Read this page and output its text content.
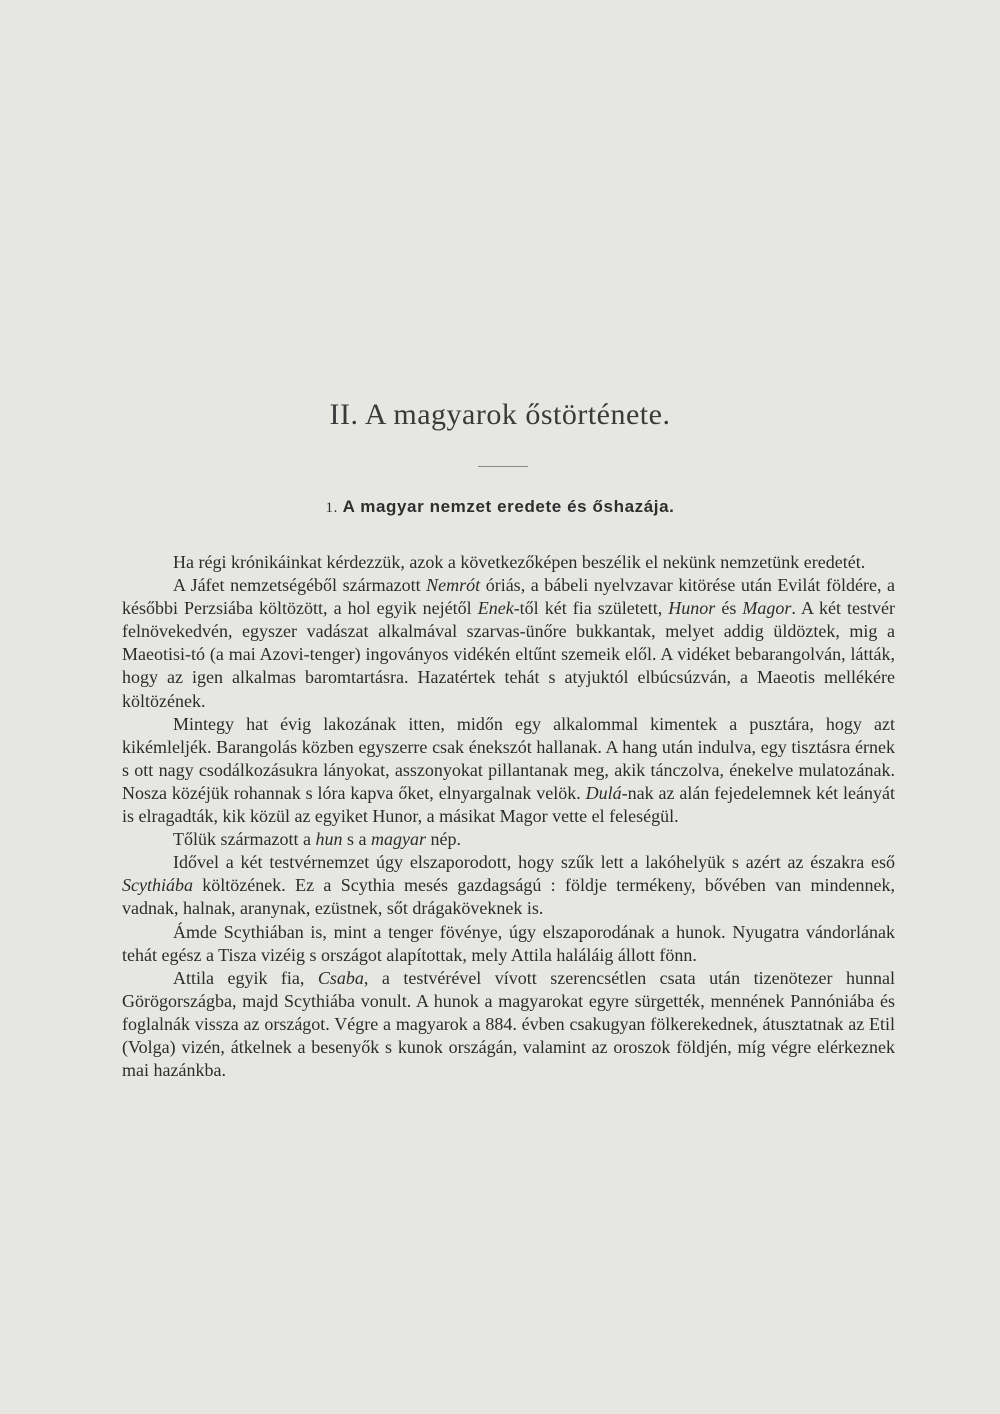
II. A magyarok őstörténete.
1. A magyar nemzet eredete és őshazája.

Ha régi krónikáinkat kérdezzük, azok a következőképen beszélik el nekünk nemzetünk eredetét.

A Jáfet nemzetségéből származott Nemrót óriás, a bábeli nyelvzavar kitörése után Evilát földére, a későbbi Perzsiába költözött, a hol egyik nejétől Enek-től két fia született, Hunor és Magor. A két testvér felnövekedvén, egyszer vadászat alkalmával szarvas-ünőre bukkantak, melyet addig üldöztek, mig a Maeotisi-tó (a mai Azovi-tenger) ingoványos vidékén eltűnt szemeik elől. A vidéket bebarangolván, látták, hogy az igen alkalmas baromtartásra. Hazatértek tehát s atyjuktól elbúcsúzván, a Maeotis mellékére költözének.

Mintegy hat évig lakozának itten, midőn egy alkalommal kimentek a pusztára, hogy azt kikémleljék. Barangolás közben egyszerre csak énekszót hallanak. A hang után indulva, egy tisztásra érnek s ott nagy csodálkozásukra lányokat, asszonyokat pillantanak meg, akik tánczolva, énekelve mulatozának. Nosza közéjük rohannak s lóra kapva őket, elnyargalnak velök. Dulá-nak az alán fejedelemnek két leányát is elragadták, kik közül az egyiket Hunor, a másikat Magor vette el feleségül.

Tőlük származott a hun s a magyar nép.

Idővel a két testvérnemzet úgy elszaporodott, hogy szűk lett a lakóhelyük s azért az északra eső Scythiába költözének. Ez a Scythia mesés gazdagságú : földje termékeny, bővében van mindennek, vadnak, halnak, aranynak, ezüstnek, sőt drágaköveknek is.

Ámde Scythiában is, mint a tenger fövénye, úgy elszaporodának a hunok. Nyugatra vándorlának tehát egész a Tisza vizéig s országot alapítottak, mely Attila haláláig állott fönn.

Attila egyik fia, Csaba, a testvérével vívott szerencsétlen csata után tizenötezer hunnal Görögországba, majd Scythiába vonult. A hunok a magyarokat egyre sürgették, mennének Pannóniába és foglalnák vissza az országot. Végre a magyarok a 884. évben csakugyan fölkerekednek, átusztatnak az Etil (Volga) vizén, átkelnek a besenyők s kunok országán, valamint az oroszok földjén, míg végre elérkeznek mai hazánkba.
